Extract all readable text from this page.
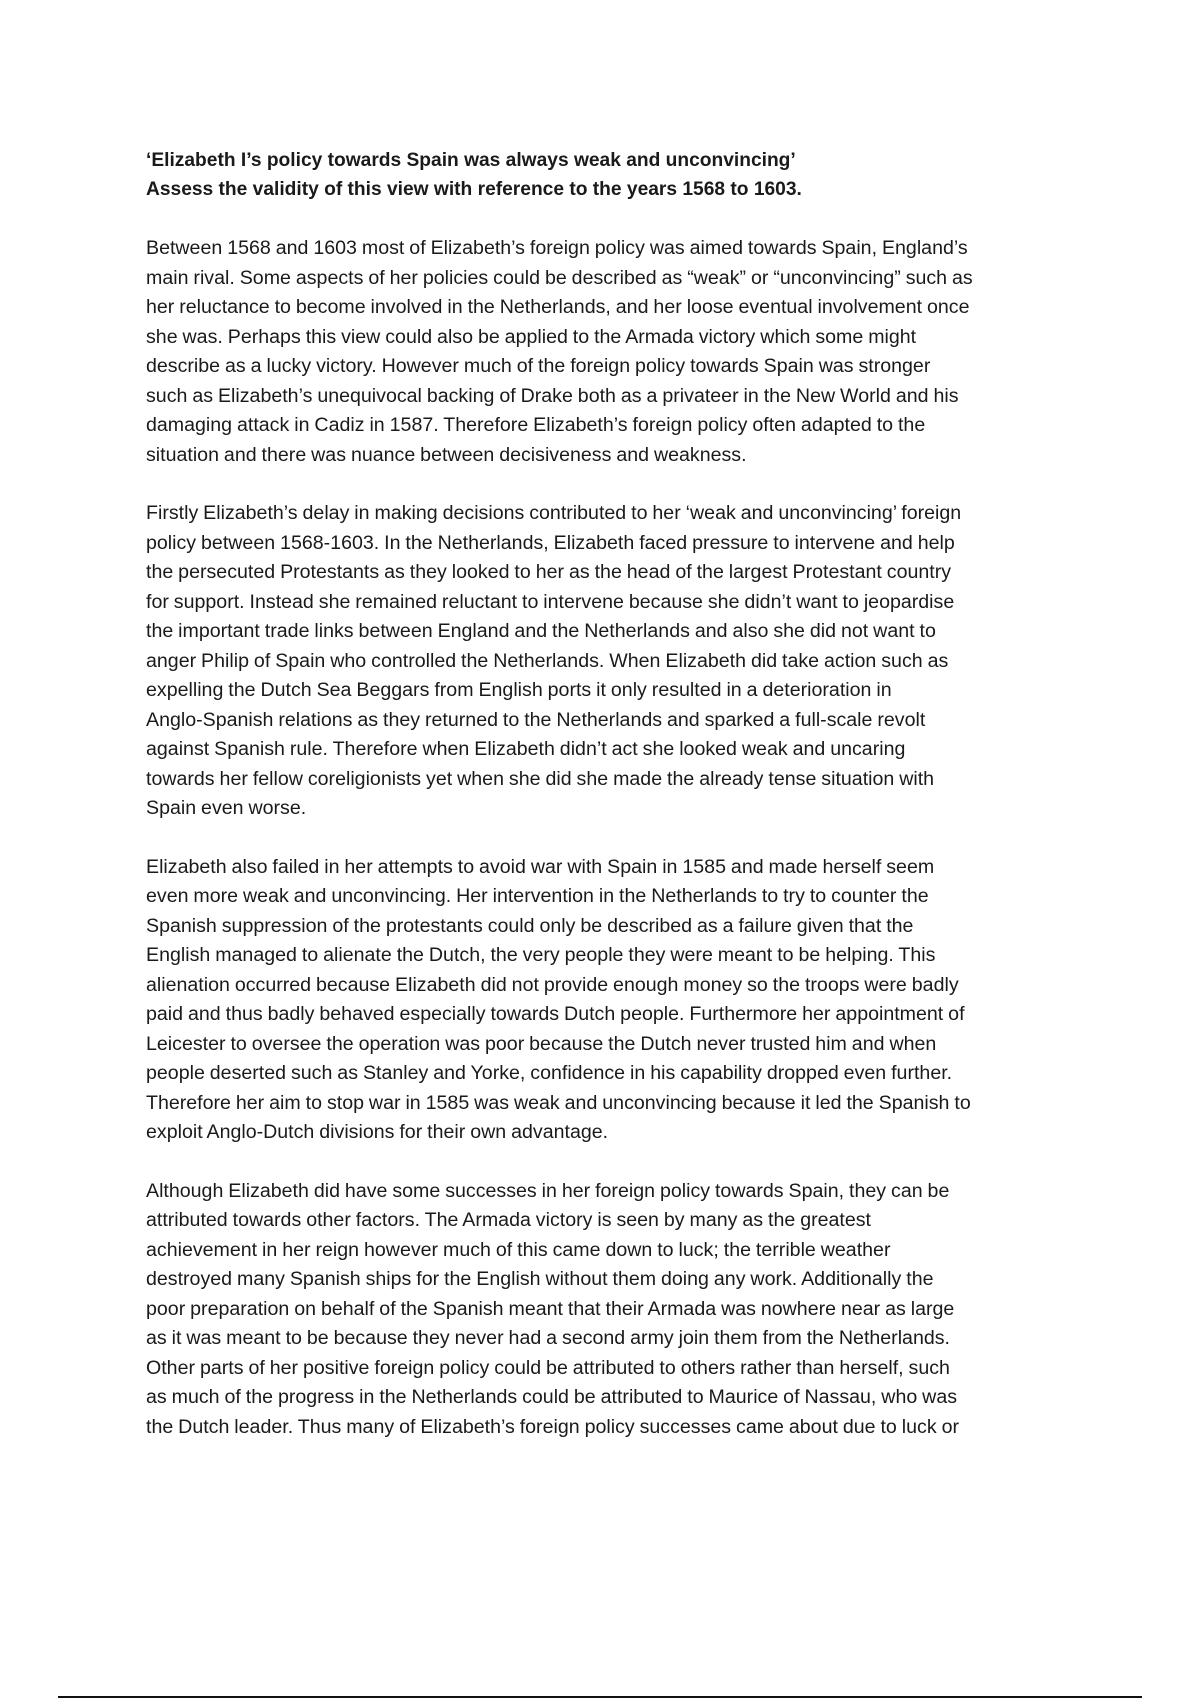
‘Elizabeth I’s policy towards Spain was always weak and unconvincing’
Assess the validity of this view with reference to the years 1568 to 1603.

Between 1568 and 1603 most of Elizabeth’s foreign policy was aimed towards Spain, England’s
main rival. Some aspects of her policies could be described as “weak” or “unconvincing” such as
her reluctance to become involved in the Netherlands, and her loose eventual involvement once
she was. Perhaps this view could also be applied to the Armada victory which some might
describe as a lucky victory. However much of the foreign policy towards Spain was stronger
such as Elizabeth’s unequivocal backing of Drake both as a privateer in the New World and his
damaging attack in Cadiz in 1587. Therefore Elizabeth’s foreign policy often adapted to the
situation and there was nuance between decisiveness and weakness.

Firstly Elizabeth’s delay in making decisions contributed to her ‘weak and unconvincing’ foreign
policy between 1568-1603. In the Netherlands, Elizabeth faced pressure to intervene and help
the persecuted Protestants as they looked to her as the head of the largest Protestant country
for support. Instead she remained reluctant to intervene because she didn’t want to jeopardise
the important trade links between England and the Netherlands and also she did not want to
anger Philip of Spain who controlled the Netherlands. When Elizabeth did take action such as
expelling the Dutch Sea Beggars from English ports it only resulted in a deterioration in
Anglo-Spanish relations as they returned to the Netherlands and sparked a full-scale revolt
against Spanish rule. Therefore when Elizabeth didn’t act she looked weak and uncaring
towards her fellow coreligionists yet when she did she made the already tense situation with
Spain even worse.

Elizabeth also failed in her attempts to avoid war with Spain in 1585 and made herself seem
even more weak and unconvincing. Her intervention in the Netherlands to try to counter the
Spanish suppression of the protestants could only be described as a failure given that the
English managed to alienate the Dutch, the very people they were meant to be helping. This
alienation occurred because Elizabeth did not provide enough money so the troops were badly
paid and thus badly behaved especially towards Dutch people. Furthermore her appointment of
Leicester to oversee the operation was poor because the Dutch never trusted him and when
people deserted such as Stanley and Yorke, confidence in his capability dropped even further.
Therefore her aim to stop war in 1585 was weak and unconvincing because it led the Spanish to
exploit Anglo-Dutch divisions for their own advantage.

Although Elizabeth did have some successes in her foreign policy towards Spain, they can be
attributed towards other factors. The Armada victory is seen by many as the greatest
achievement in her reign however much of this came down to luck; the terrible weather
destroyed many Spanish ships for the English without them doing any work. Additionally the
poor preparation on behalf of the Spanish meant that their Armada was nowhere near as large
as it was meant to be because they never had a second army join them from the Netherlands.
Other parts of her positive foreign policy could be attributed to others rather than herself, such
as much of the progress in the Netherlands could be attributed to Maurice of Nassau, who was
the Dutch leader. Thus many of Elizabeth’s foreign policy successes came about due to luck or
